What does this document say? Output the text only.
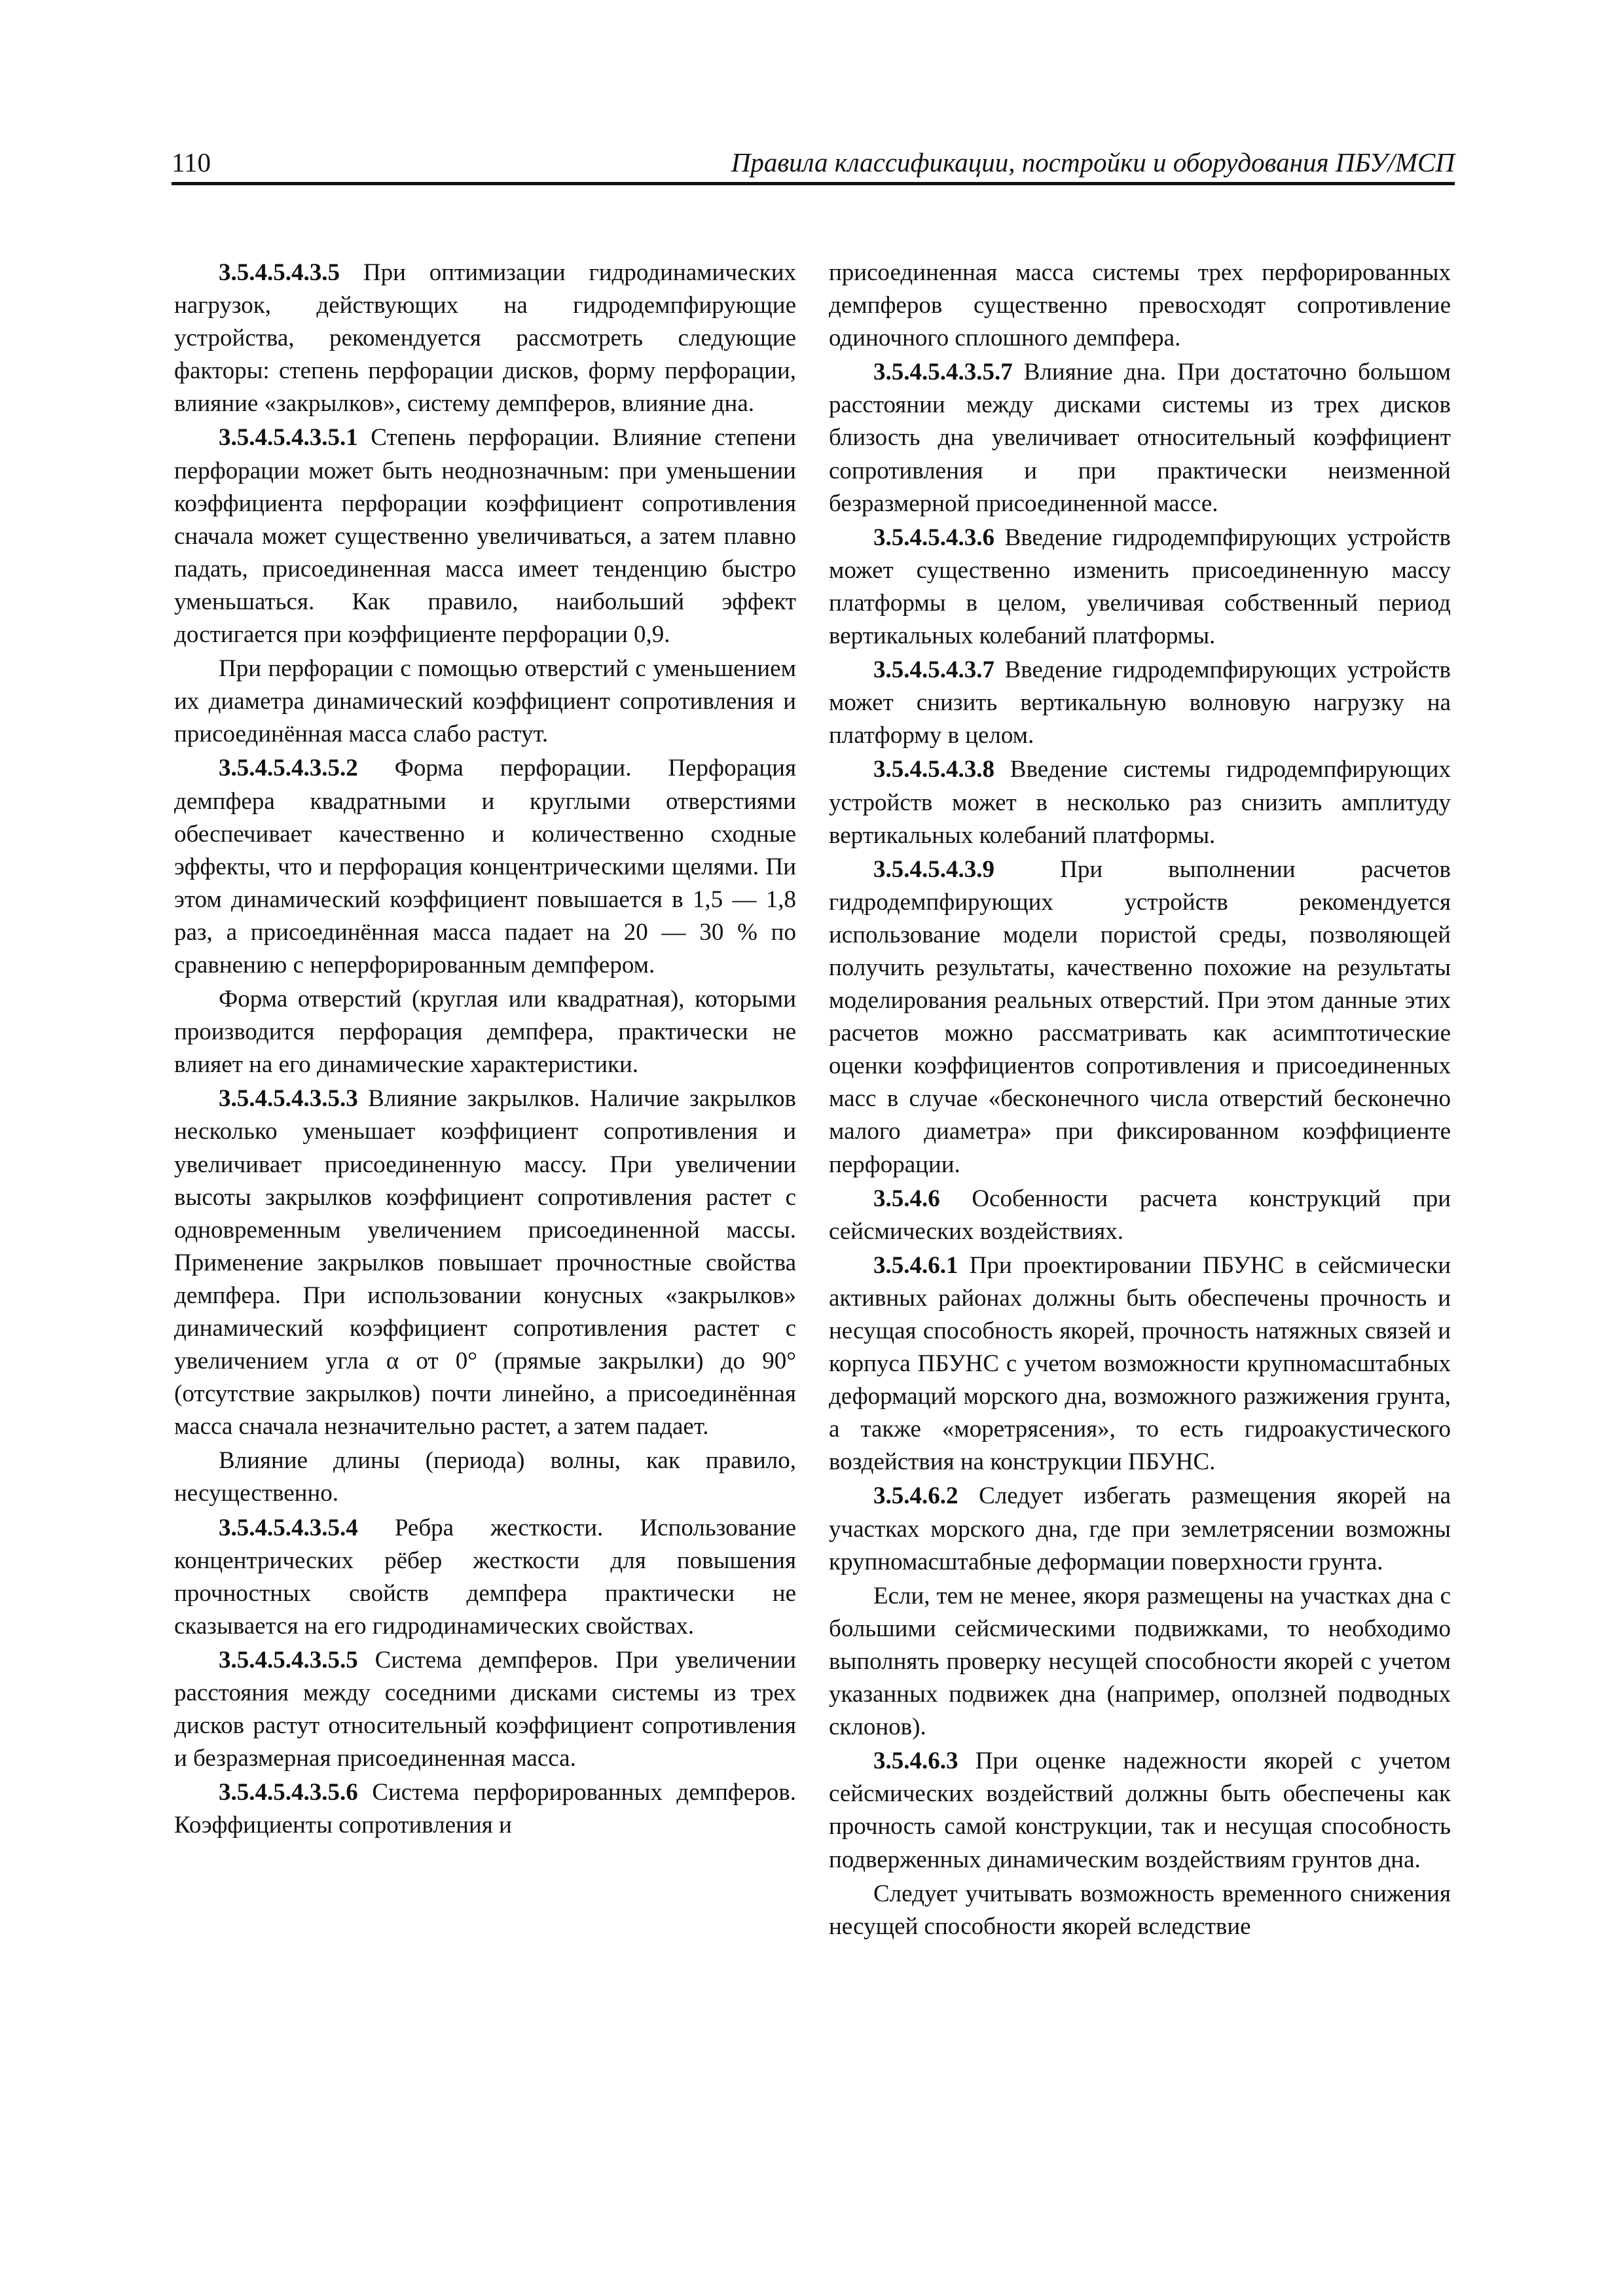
110	Правила классификации, постройки и оборудования ПБУ/МСП

3.5.4.5.4.3.5 При оптимизации гидродинамических нагрузок, действующих на гидродемпфирующие устройства, рекомендуется рассмотреть следующие факторы: степень перфорации дисков, форму перфорации, влияние «закрылков», систему демпферов, влияние дна.

3.5.4.5.4.3.5.1 Степень перфорации. Влияние степени перфорации может быть неоднозначным: при уменьшении коэффициента перфорации коэффициент сопротивления сначала может существенно увеличиваться, а затем плавно падать, присоединенная масса имеет тенденцию быстро уменьшаться. Как правило, наибольший эффект достигается при коэффициенте перфорации 0,9.

При перфорации с помощью отверстий с уменьшением их диаметра динамический коэффициент сопротивления и присоединённая масса слабо растут.

3.5.4.5.4.3.5.2 Форма перфорации. Перфорация демпфера квадратными и круглыми отверстиями обеспечивает качественно и количественно сходные эффекты, что и перфорация концентрическими щелями. Пи этом динамический коэффициент повышается в 1,5 — 1,8 раз, а присоединённая масса падает на 20 — 30 % по сравнению с неперфорированным демпфером.

Форма отверстий (круглая или квадратная), которыми производится перфорация демпфера, практически не влияет на его динамические характеристики.

3.5.4.5.4.3.5.3 Влияние закрылков. Наличие закрылков несколько уменьшает коэффициент сопротивления и увеличивает присоединенную массу. При увеличении высоты закрылков коэффициент сопротивления растет с одновременным увеличением присоединенной массы. Применение закрылков повышает прочностные свойства демпфера. При использовании конусных «закрылков» динамический коэффициент сопротивления растет с увеличением угла α от 0° (прямые закрылки) до 90° (отсутствие закрылков) почти линейно, а присоединённая масса сначала незначительно растет, а затем падает.

Влияние длины (периода) волны, как правило, несущественно.

3.5.4.5.4.3.5.4 Ребра жесткости. Использование концентрических рёбер жесткости для повышения прочностных свойств демпфера практически не сказывается на его гидродинамических свойствах.

3.5.4.5.4.3.5.5 Система демпферов. При увеличении расстояния между соседними дисками системы из трех дисков растут относительный коэффициент сопротивления и безразмерная присоединенная масса.

3.5.4.5.4.3.5.6 Система перфорированных демпферов. Коэффициенты сопротивления и

присоединенная масса системы трех перфорированных демпферов существенно превосходят сопротивление одиночного сплошного демпфера.

3.5.4.5.4.3.5.7 Влияние дна. При достаточно большом расстоянии между дисками системы из трех дисков близость дна увеличивает относительный коэффициент сопротивления и при практически неизменной безразмерной присоединенной массе.

3.5.4.5.4.3.6 Введение гидродемпфирующих устройств может существенно изменить присоединенную массу платформы в целом, увеличивая собственный период вертикальных колебаний платформы.

3.5.4.5.4.3.7 Введение гидродемпфирующих устройств может снизить вертикальную волновую нагрузку на платформу в целом.

3.5.4.5.4.3.8 Введение системы гидродемпфирующих устройств может в несколько раз снизить амплитуду вертикальных колебаний платформы.

3.5.4.5.4.3.9 При выполнении расчетов гидродемпфирующих устройств рекомендуется использование модели пористой среды, позволяющей получить результаты, качественно похожие на результаты моделирования реальных отверстий. При этом данные этих расчетов можно рассматривать как асимптотические оценки коэффициентов сопротивления и присоединенных масс в случае «бесконечного числа отверстий бесконечно малого диаметра» при фиксированном коэффициенте перфорации.

3.5.4.6 Особенности расчета конструкций при сейсмических воздействиях.

3.5.4.6.1 При проектировании ПБУНС в сейсмически активных районах должны быть обеспечены прочность и несущая способность якорей, прочность натяжных связей и корпуса ПБУНС с учетом возможности крупномасштабных деформаций морского дна, возможного разжижения грунта, а также «моретрясения», то есть гидроакустического воздействия на конструкции ПБУНС.

3.5.4.6.2 Следует избегать размещения якорей на участках морского дна, где при землетрясении возможны крупномасштабные деформации поверхности грунта.

Если, тем не менее, якоря размещены на участках дна с большими сейсмическими подвижками, то необходимо выполнять проверку несущей способности якорей с учетом указанных подвижек дна (например, оползней подводных склонов).

3.5.4.6.3 При оценке надежности якорей с учетом сейсмических воздействий должны быть обеспечены как прочность самой конструкции, так и несущая способность подверженных динамическим воздействиям грунтов дна.

Следует учитывать возможность временного снижения несущей способности якорей вследствие
